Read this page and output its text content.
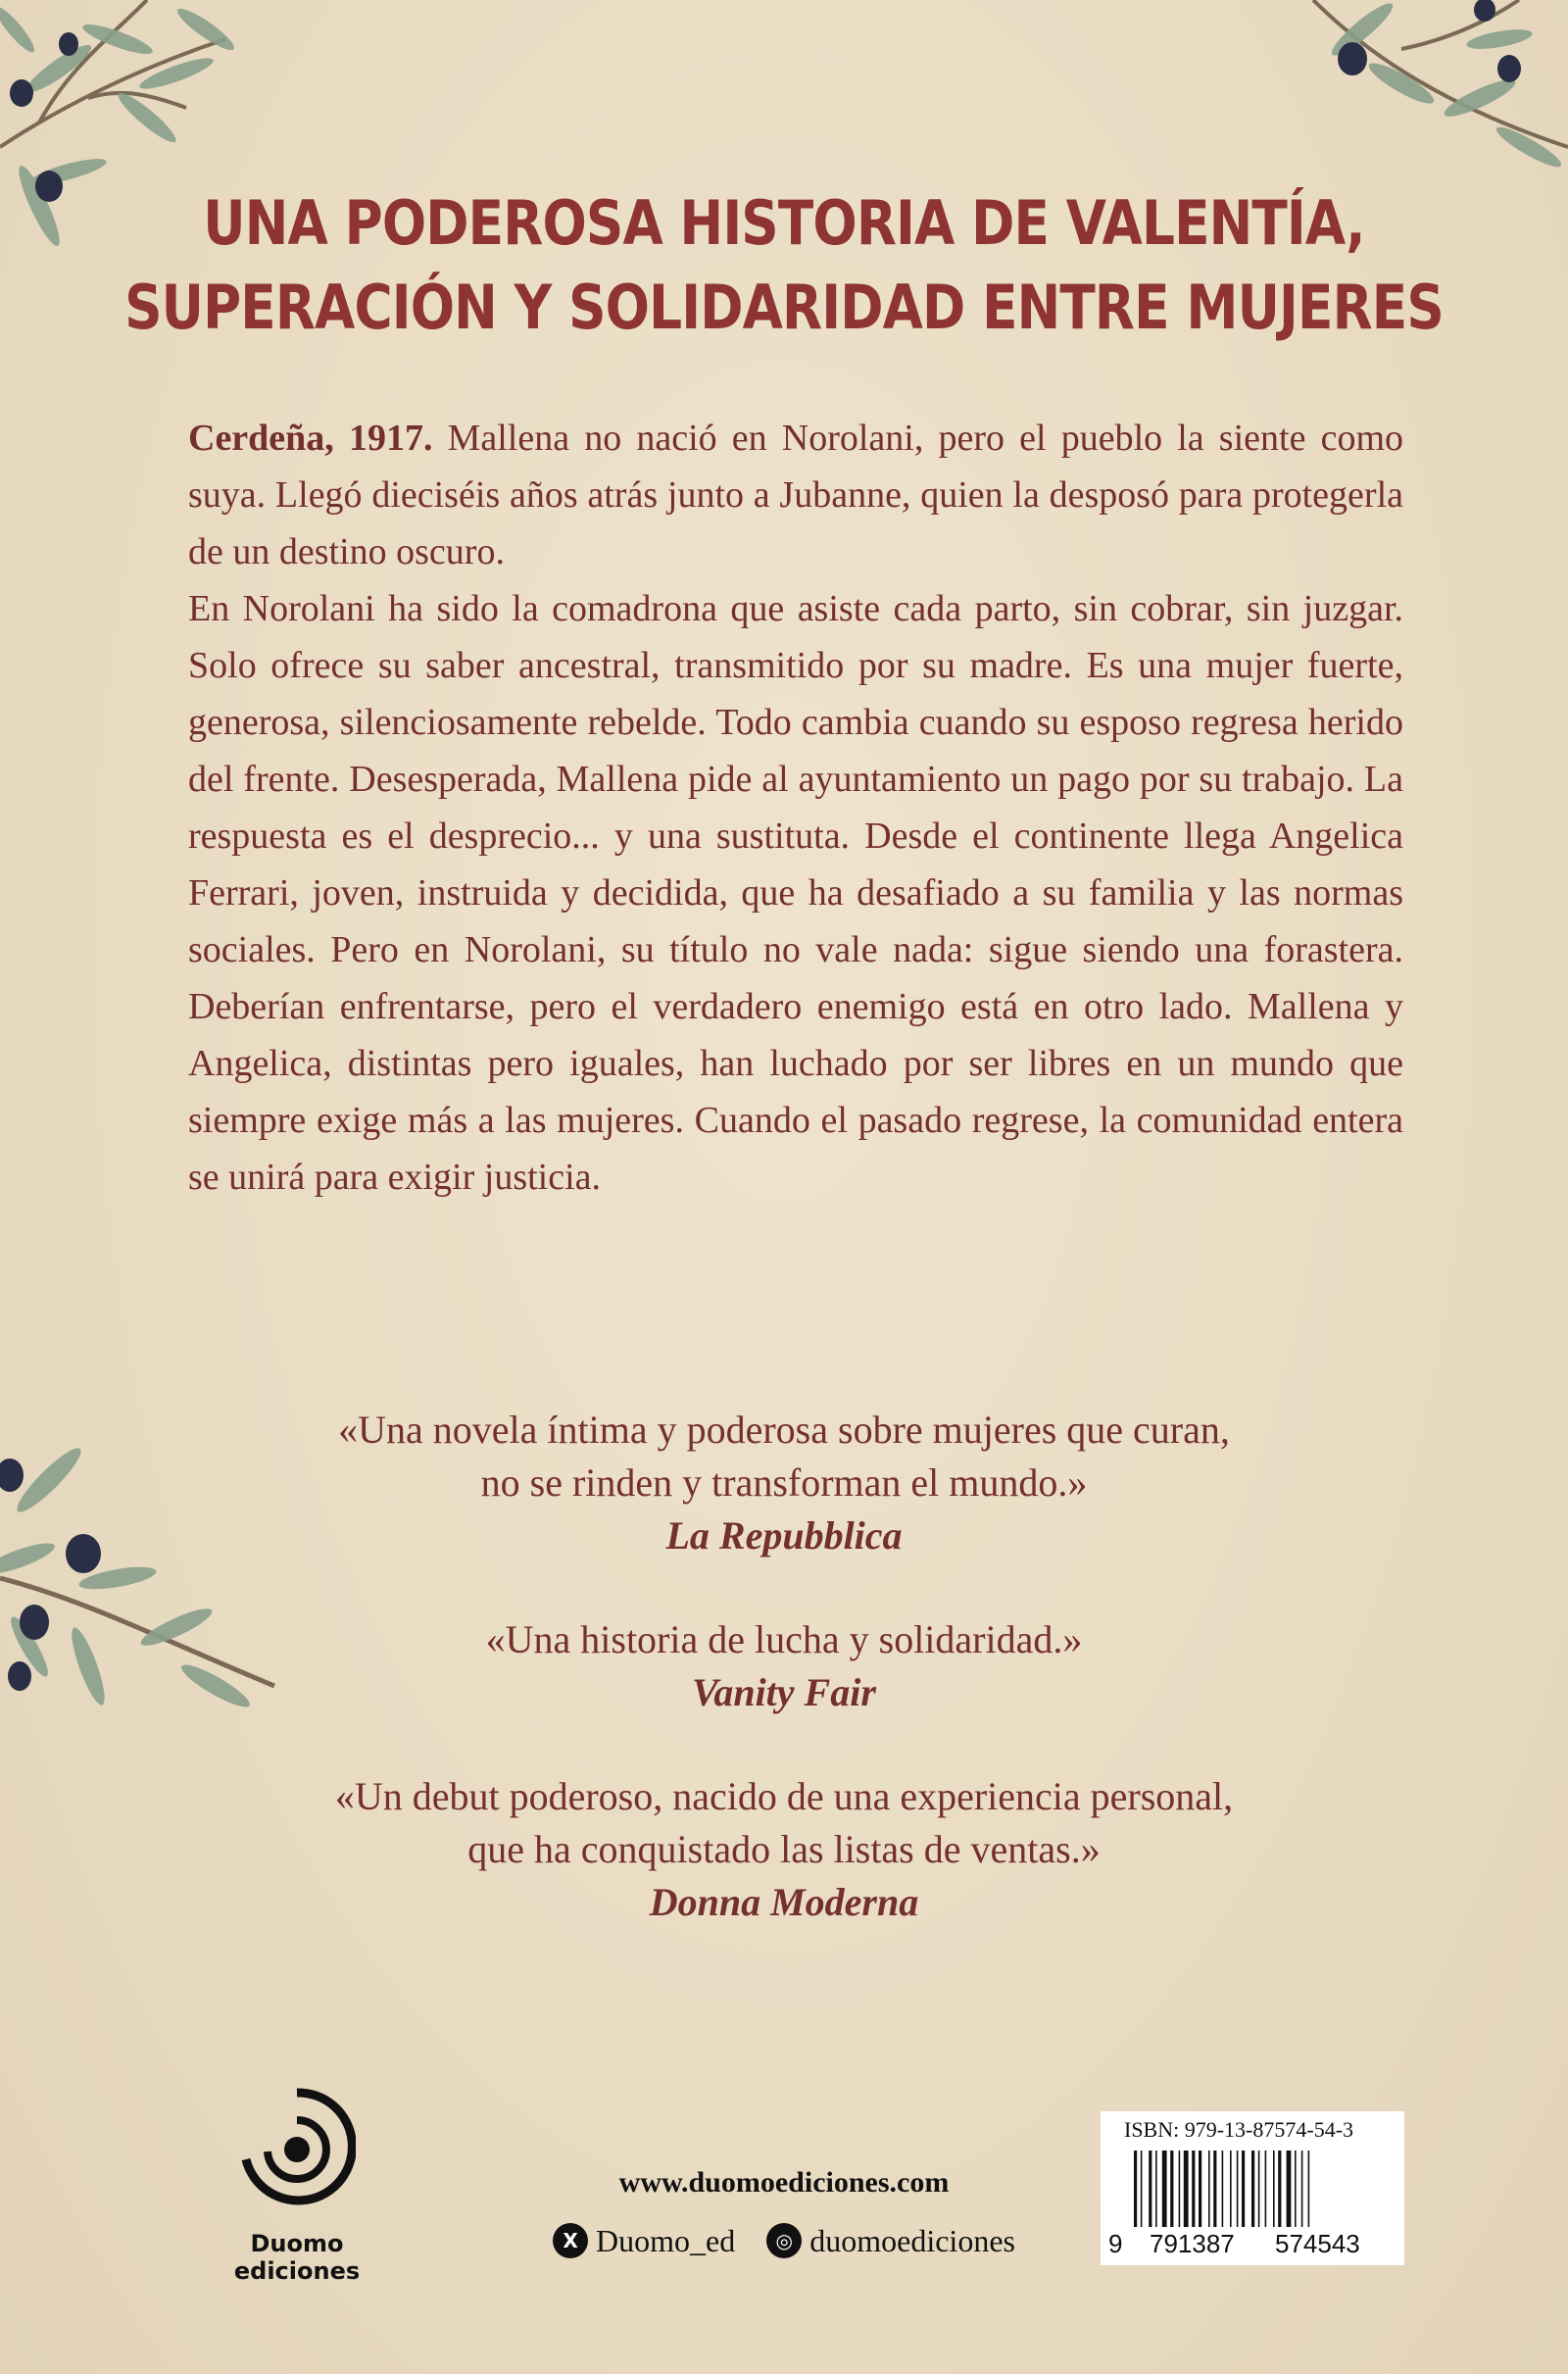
UNA PODEROSA HISTORIA DE VALENTÍA,
SUPERACIÓN Y SOLIDARIDAD ENTRE MUJERES

Cerdeña, 1917. Mallena no nació en Norolani, pero el pueblo la siente como suya. Llegó dieciséis años atrás junto a Jubanne, quien la desposó para protegerla de un destino oscuro.

En Norolani ha sido la comadrona que asiste cada parto, sin cobrar, sin juzgar. Solo ofrece su saber ancestral, transmitido por su madre. Es una mujer fuerte, generosa, silenciosamente rebelde. Todo cambia cuando su esposo regresa herido del frente. Desesperada, Mallena pide al ayuntamiento un pago por su trabajo. La respuesta es el desprecio... y una sustituta. Desde el continente llega Angelica Ferrari, joven, instruida y decidida, que ha desafiado a su familia y las normas sociales. Pero en Norolani, su título no vale nada: sigue siendo una forastera. Deberían enfrentarse, pero el verdadero enemigo está en otro lado. Mallena y Angelica, distintas pero iguales, han luchado por ser libres en un mundo que siempre exige más a las mujeres. Cuando el pasado regrese, la comunidad entera se unirá para exigir justicia.

«Una novela íntima y poderosa sobre mujeres que curan,
no se rinden y transforman el mundo.»
La Repubblica
«Una historia de lucha y solidaridad.»
Vanity Fair
«Un debut poderoso, nacido de una experiencia personal,
que ha conquistado las listas de ventas.»
Donna Moderna
Duomo ediciones
www.duomoediciones.com
X Duomo_ed
	◎ duomoediciones
ISBN: 979-13-87574-54-3
9 791387 574543
